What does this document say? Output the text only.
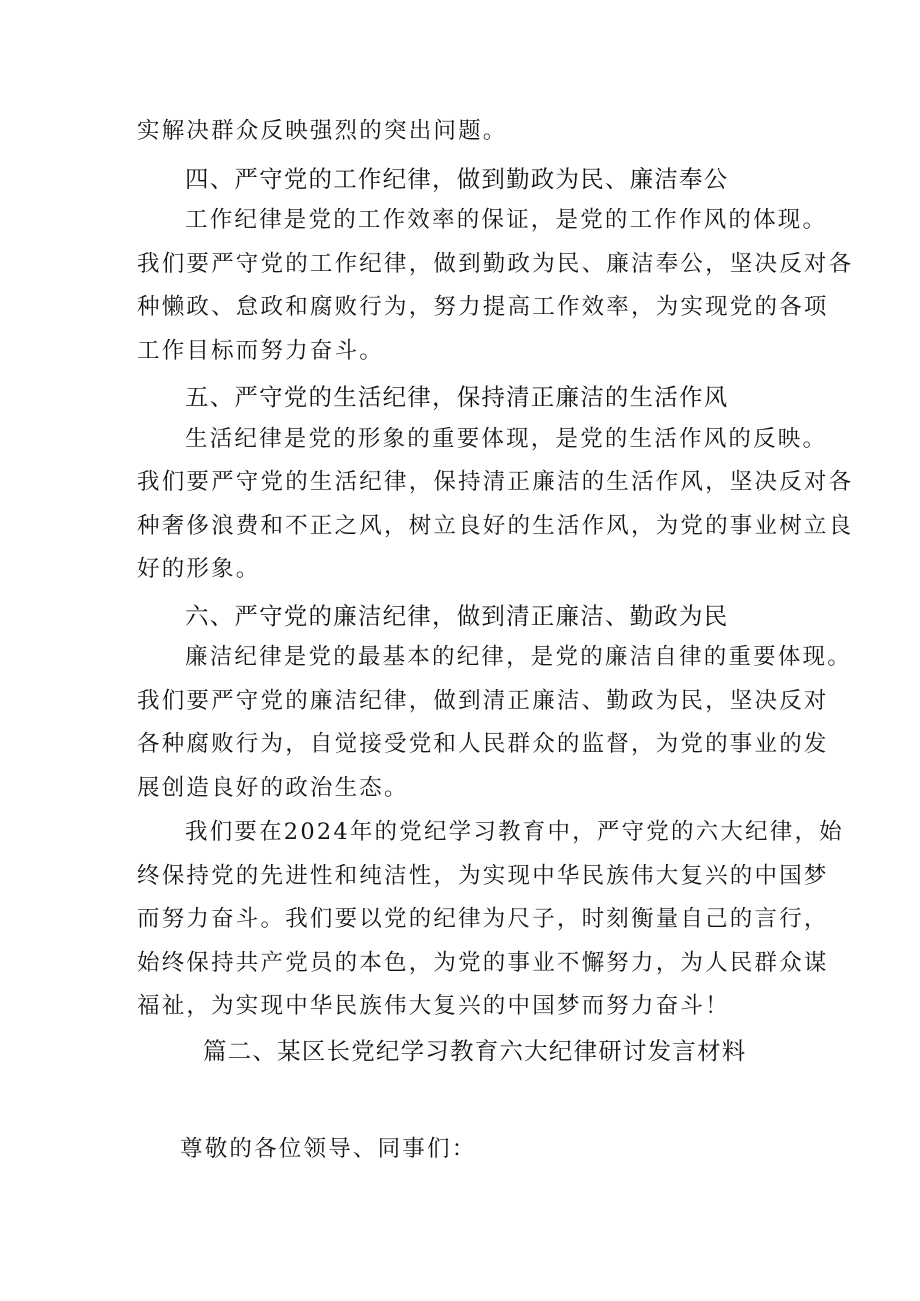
实解决群众反映强烈的突出问题。
四、严守党的工作纪律，做到勤政为民、廉洁奉公
工作纪律是党的工作效率的保证，是党的工作作风的体现。
我们要严守党的工作纪律，做到勤政为民、廉洁奉公，坚决反对各
种懒政、怠政和腐败行为，努力提高工作效率，为实现党的各项
工作目标而努力奋斗。
五、严守党的生活纪律，保持清正廉洁的生活作风
生活纪律是党的形象的重要体现，是党的生活作风的反映。
我们要严守党的生活纪律，保持清正廉洁的生活作风，坚决反对各
种奢侈浪费和不正之风，树立良好的生活作风，为党的事业树立良
好的形象。
六、严守党的廉洁纪律，做到清正廉洁、勤政为民
廉洁纪律是党的最基本的纪律，是党的廉洁自律的重要体现。
我们要严守党的廉洁纪律，做到清正廉洁、勤政为民，坚决反对
各种腐败行为，自觉接受党和人民群众的监督，为党的事业的发
展创造良好的政治生态。
我们要在2024年的党纪学习教育中，严守党的六大纪律，始
终保持党的先进性和纯洁性，为实现中华民族伟大复兴的中国梦
而努力奋斗。我们要以党的纪律为尺子，时刻衡量自己的言行，
始终保持共产党员的本色，为党的事业不懈努力，为人民群众谋
福祉，为实现中华民族伟大复兴的中国梦而努力奋斗！
篇二、某区长党纪学习教育六大纪律研讨发言材料
尊敬的各位领导、同事们：
